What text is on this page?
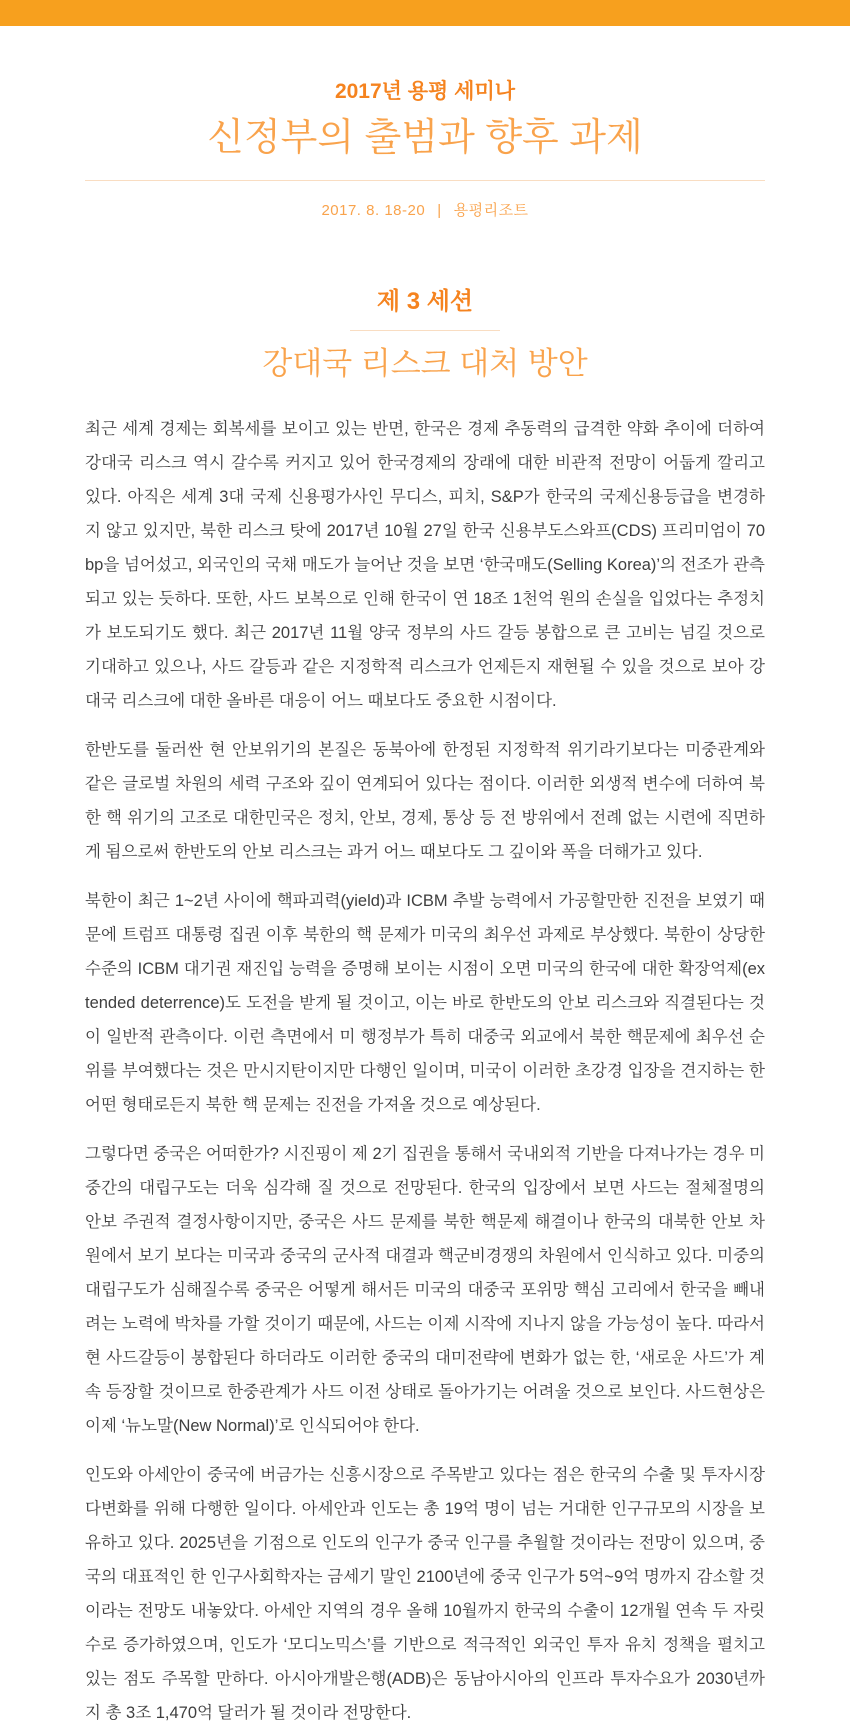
2017년 용평 세미나
신정부의 출범과 향후 과제
2017. 8. 18-20 | 용평리조트
제 3 세션
강대국 리스크 대처 방안

최근 세계 경제는 회복세를 보이고 있는 반면, 한국은 경제 추동력의 급격한 약화 추이에 더하여 강대국 리스크 역시 갈수록 커지고 있어 한국경제의 장래에 대한 비관적 전망이 어둡게 깔리고 있다. 아직은 세계 3대 국제 신용평가사인 무디스, 피치, S&P가 한국의 국제신용등급을 변경하지 않고 있지만, 북한 리스크 탓에 2017년 10월 27일 한국 신용부도스와프(CDS) 프리미엄이 70bp을 넘어섰고, 외국인의 국채 매도가 늘어난 것을 보면 ‘한국매도(Selling Korea)’의 전조가 관측되고 있는 듯하다. 또한, 사드 보복으로 인해 한국이 연 18조 1천억 원의 손실을 입었다는 추정치가 보도되기도 했다. 최근 2017년 11월 양국 정부의 사드 갈등 봉합으로 큰 고비는 넘길 것으로 기대하고 있으나, 사드 갈등과 같은 지정학적 리스크가 언제든지 재현될 수 있을 것으로 보아 강대국 리스크에 대한 올바른 대응이 어느 때보다도 중요한 시점이다.

한반도를 둘러싼 현 안보위기의 본질은 동북아에 한정된 지정학적 위기라기보다는 미중관계와 같은 글로벌 차원의 세력 구조와 깊이 연계되어 있다는 점이다. 이러한 외생적 변수에 더하여 북한 핵 위기의 고조로 대한민국은 정치, 안보, 경제, 통상 등 전 방위에서 전례 없는 시련에 직면하게 됨으로써 한반도의 안보 리스크는 과거 어느 때보다도 그 깊이와 폭을 더해가고 있다.

북한이 최근 1~2년 사이에 핵파괴력(yield)과 ICBM 추발 능력에서 가공할만한 진전을 보였기 때문에 트럼프 대통령 집권 이후 북한의 핵 문제가 미국의 최우선 과제로 부상했다. 북한이 상당한 수준의 ICBM 대기권 재진입 능력을 증명해 보이는 시점이 오면 미국의 한국에 대한 확장억제(extended deterrence)도 도전을 받게 될 것이고, 이는 바로 한반도의 안보 리스크와 직결된다는 것이 일반적 관측이다. 이런 측면에서 미 행정부가 특히 대중국 외교에서 북한 핵문제에 최우선 순위를 부여했다는 것은 만시지탄이지만 다행인 일이며, 미국이 이러한 초강경 입장을 견지하는 한 어떤 형태로든지 북한 핵 문제는 진전을 가져올 것으로 예상된다.

그렇다면 중국은 어떠한가? 시진핑이 제 2기 집권을 통해서 국내외적 기반을 다져나가는 경우 미중간의 대립구도는 더욱 심각해 질 것으로 전망된다. 한국의 입장에서 보면 사드는 절체절명의 안보 주권적 결정사항이지만, 중국은 사드 문제를 북한 핵문제 해결이나 한국의 대북한 안보 차원에서 보기 보다는 미국과 중국의 군사적 대결과 핵군비경쟁의 차원에서 인식하고 있다. 미중의 대립구도가 심해질수록 중국은 어떻게 해서든 미국의 대중국 포위망 핵심 고리에서 한국을 빼내려는 노력에 박차를 가할 것이기 때문에, 사드는 이제 시작에 지나지 않을 가능성이 높다. 따라서 현 사드갈등이 봉합된다 하더라도 이러한 중국의 대미전략에 변화가 없는 한, ‘새로운 사드’가 계속 등장할 것이므로 한중관계가 사드 이전 상태로 돌아가기는 어려울 것으로 보인다. 사드현상은 이제 ‘뉴노말(New Normal)’로 인식되어야 한다.

인도와 아세안이 중국에 버금가는 신흥시장으로 주목받고 있다는 점은 한국의 수출 및 투자시장 다변화를 위해 다행한 일이다. 아세안과 인도는 총 19억 명이 넘는 거대한 인구규모의 시장을 보유하고 있다. 2025년을 기점으로 인도의 인구가 중국 인구를 추월할 것이라는 전망이 있으며, 중국의 대표적인 한 인구사회학자는 금세기 말인 2100년에 중국 인구가 5억~9억 명까지 감소할 것이라는 전망도 내놓았다. 아세안 지역의 경우 올해 10월까지 한국의 수출이 12개월 연속 두 자릿수로 증가하였으며, 인도가 ‘모디노믹스’를 기반으로 적극적인 외국인 투자 유치 정책을 펼치고 있는 점도 주목할 만하다. 아시아개발은행(ADB)은 동남아시아의 인프라 투자수요가 2030년까지 총 3조 1,470억 달러가 될 것이라 전망한다.
